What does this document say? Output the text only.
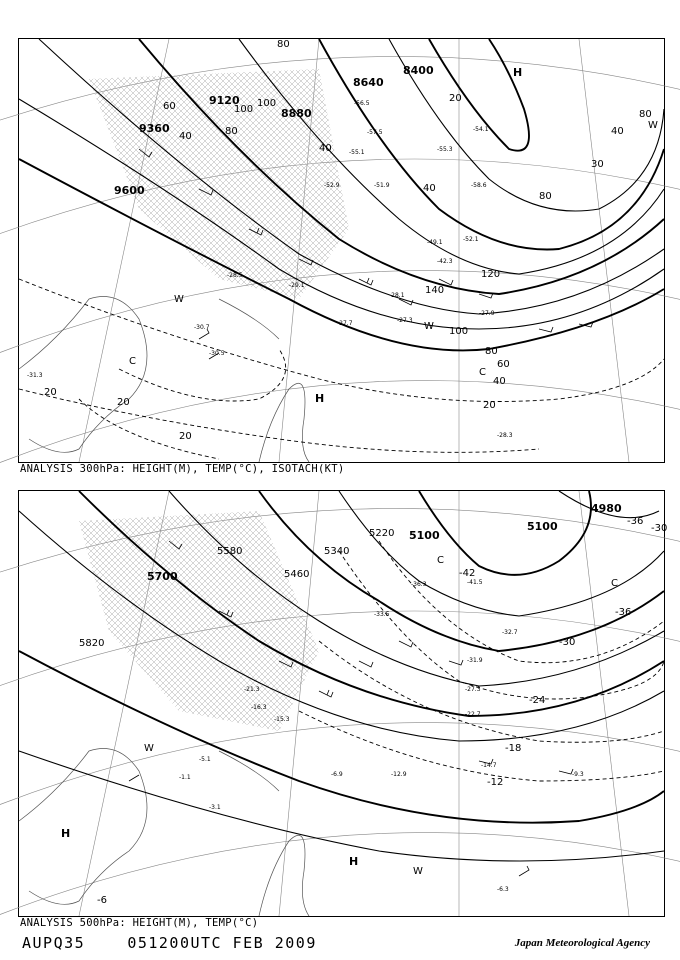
8400
8640
8880
9120
9360
9600
80
100
120
140
100
80
60
40
20
20
20
20
40
60
80
100
40
20
80
30
40
80
40
H
H
W
C
W
C
W
-55.3
-54.1
-58.6
-52.1
-49.1
-42.3
-27.9
-27.3
-28.1
-27.7
-30.7
-30.5
-28.5
-29.1
-31.3
-28.3
-56.5
-57.5
-55.1
-51.9
-52.9
ANALYSIS 300hPa: HEIGHT(M), TEMP(°C), ISOTACH(KT)
4980
5100
5100
5220
5340
5460
5580
5700
5820
-36
-42
-36
-30
-30
-24
-18
-12
-6
C
C
W
H
H
W
-41.5
-36.3
-33.5
-31.9
-32.7
-27.3
-22.7
-14.7
-9.3
-12.9
-21.3
-16.3
-15.3
-6.9
-3.1
-6.3
-1.1
-5.1
ANALYSIS 500hPa: HEIGHT(M), TEMP(°C)
AUPQ35	051200UTC FEB 2009	Japan Meteorological Agency
